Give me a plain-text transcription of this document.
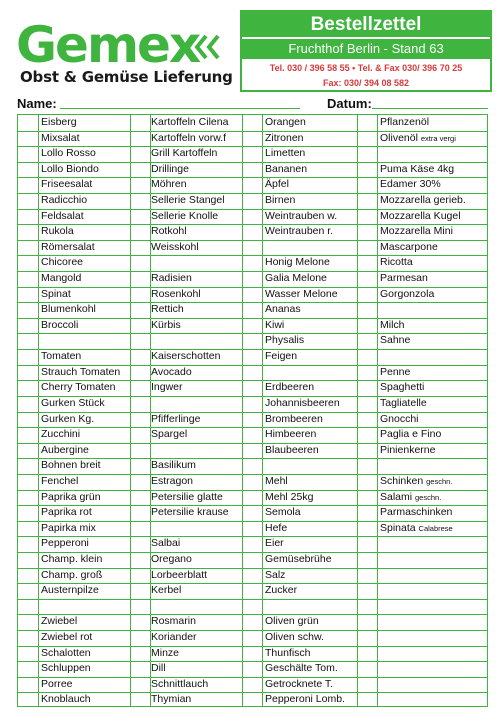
Gemex
Obst & Gemüse Lieferung
Bestellzettel
Fruchthof Berlin - Stand 63
Tel. 030 / 396 58 55 • Tel. & Fax 030/ 396 70 25
Fax: 030/ 394 08 582
Name:	Datum:
Eisberg
Mixsalat
Lollo Rosso
Lollo Biondo
Friseesalat
Radicchio
Feldsalat
Rukola
Römersalat
Chicoree
Mangold
Spinat
Blumenkohl
Broccoli
Tomaten
Strauch Tomaten
Cherry Tomaten
Gurken Stück
Gurken Kg.
Zucchini
Aubergine
Bohnen breit
Fenchel
Paprika grün
Paprika rot
Papirka mix
Pepperoni
Champ. klein
Champ. groß
Austernpilze
Zwiebel
Zwiebel rot
Schalotten
Schluppen
Porree
Knoblauch
Kartoffeln Cilena
Kartoffeln vorw.f
Grill Kartoffeln
Drillinge
Möhren
Sellerie Stangel
Sellerie Knolle
Rotkohl
Weisskohl
Radisien
Rosenkohl
Rettich
Kürbis
Kaiserschotten
Avocado
Ingwer
Pfifferlinge
Spargel
Basilikum
Estragon
Petersilie glatte
Petersilie krause
Salbai
Oregano
Lorbeerblatt
Kerbel
Rosmarin
Koriander
Minze
Dill
Schnittlauch
Thymian
Orangen
Zitronen
Limetten
Bananen
Äpfel
Birnen
Weintrauben w.
Weintrauben r.
Honig Melone
Galia Melone
Wasser Melone
Ananas
Kiwi
Physalis
Feigen
Erdbeeren
Johannisbeeren
Brombeeren
Himbeeren
Blaubeeren
Mehl
Mehl 25kg
Semola
Hefe
Eier
Gemüsebrühe
Salz
Zucker
Oliven grün
Oliven schw.
Thunfisch
Geschälte Tom.
Getrocknete T.
Pepperoni Lomb.
Pflanzenöl
Olivenöl extra vergi
Puma Käse 4kg
Edamer 30%
Mozzarella gerieb.
Mozzarella Kugel
Mozzarella Mini
Mascarpone
Ricotta
Parmesan
Gorgonzola
Milch
Sahne
Penne
Spaghetti
Tagliatelle
Gnocchi
Paglia e Fino
Pinienkerne
Schinken geschn.
Salami geschn.
Parmaschinken
Spinata Calabrese
